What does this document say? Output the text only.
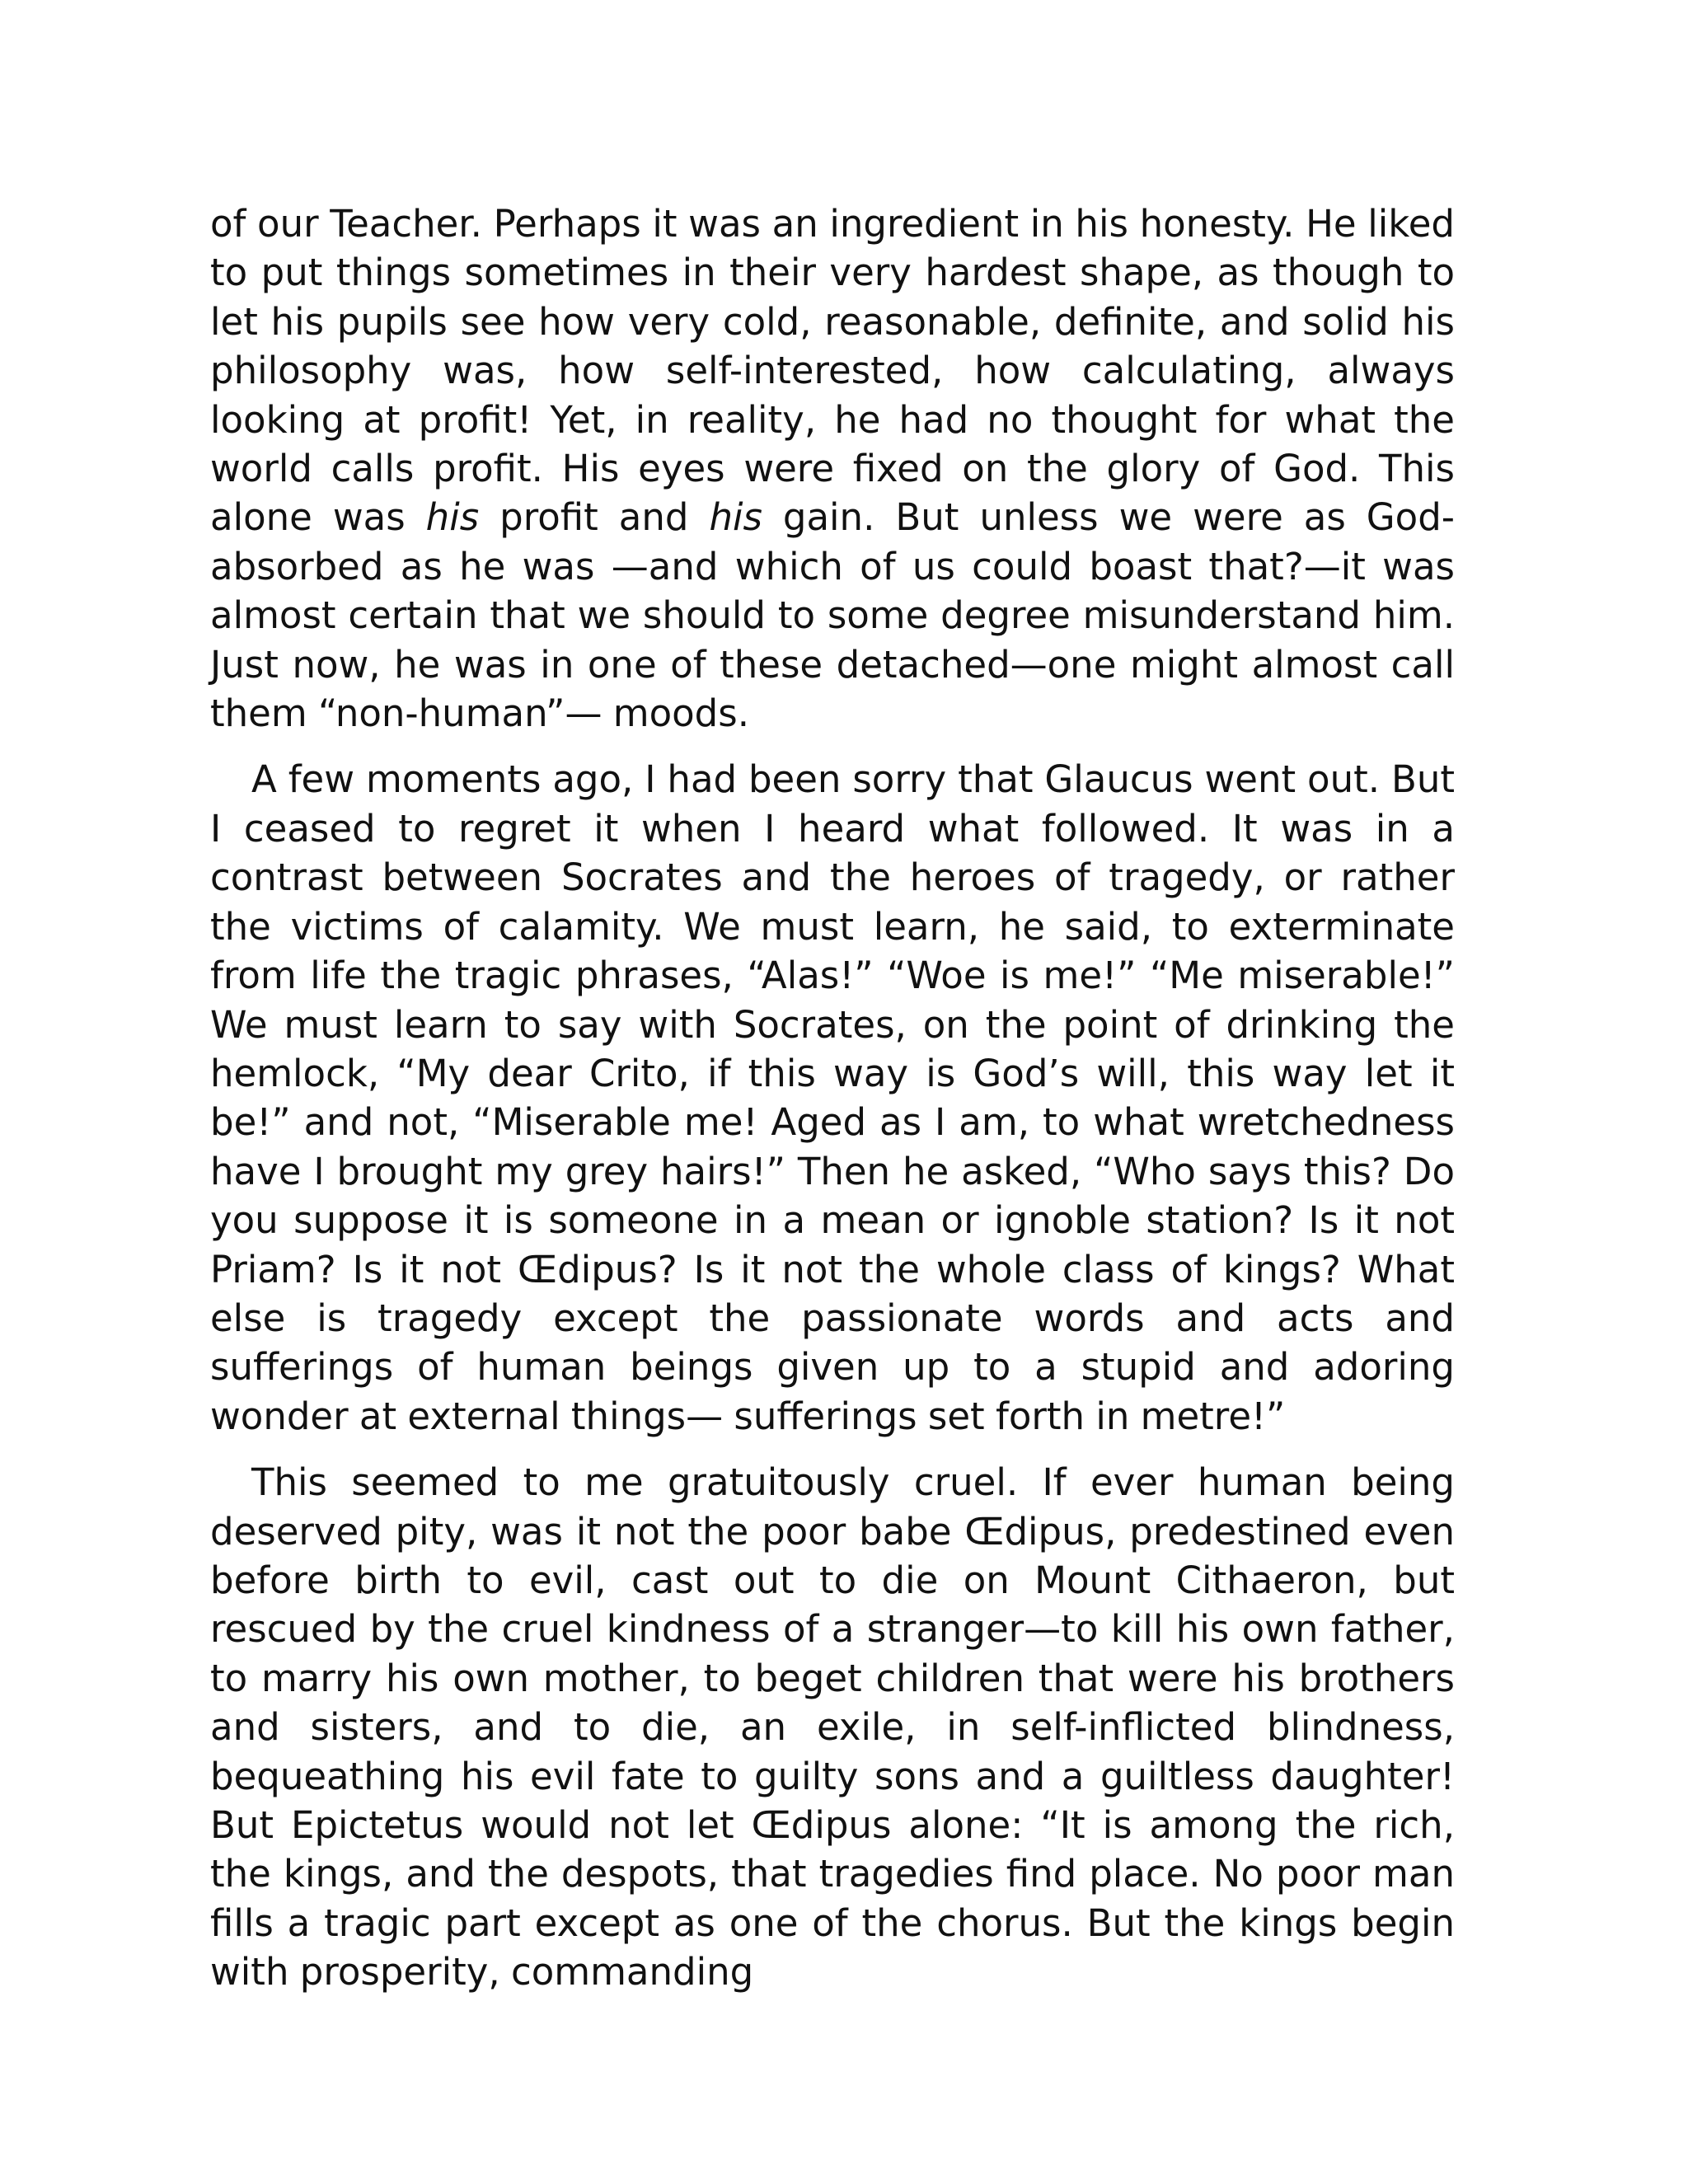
of our Teacher. Perhaps it was an ingredient in his honesty. He liked to put things sometimes in their very hardest shape, as though to let his pupils see how very cold, reasonable, definite, and solid his philosophy was, how self-interested, how calculating, always looking at profit! Yet, in reality, he had no thought for what the world calls profit. His eyes were fixed on the glory of God. This alone was his profit and his gain. But unless we were as God-absorbed as he was —and which of us could boast that?—it was almost certain that we should to some degree misunderstand him. Just now, he was in one of these detached—one might almost call them “non-human”— moods.

A few moments ago, I had been sorry that Glaucus went out. But I ceased to regret it when I heard what followed. It was in a contrast between Socrates and the heroes of tragedy, or rather the victims of calamity. We must learn, he said, to exterminate from life the tragic phrases, “Alas!” “Woe is me!” “Me miserable!” We must learn to say with Socrates, on the point of drinking the hemlock, “My dear Crito, if this way is God’s will, this way let it be!” and not, “Miserable me! Aged as I am, to what wretchedness have I brought my grey hairs!” Then he asked, “Who says this? Do you suppose it is someone in a mean or ignoble station? Is it not Priam? Is it not Œdipus? Is it not the whole class of kings? What else is tragedy except the passionate words and acts and sufferings of human beings given up to a stupid and adoring wonder at external things— sufferings set forth in metre!”

This seemed to me gratuitously cruel. If ever human being deserved pity, was it not the poor babe Œdipus, predestined even before birth to evil, cast out to die on Mount Cithaeron, but rescued by the cruel kindness of a stranger—to kill his own father, to marry his own mother, to beget children that were his brothers and sisters, and to die, an exile, in self-inflicted blindness, bequeathing his evil fate to guilty sons and a guiltless daughter! But Epictetus would not let Œdipus alone: “It is among the rich, the kings, and the despots, that tragedies find place. No poor man fills a tragic part except as one of the chorus. But the kings begin with prosperity, commanding
